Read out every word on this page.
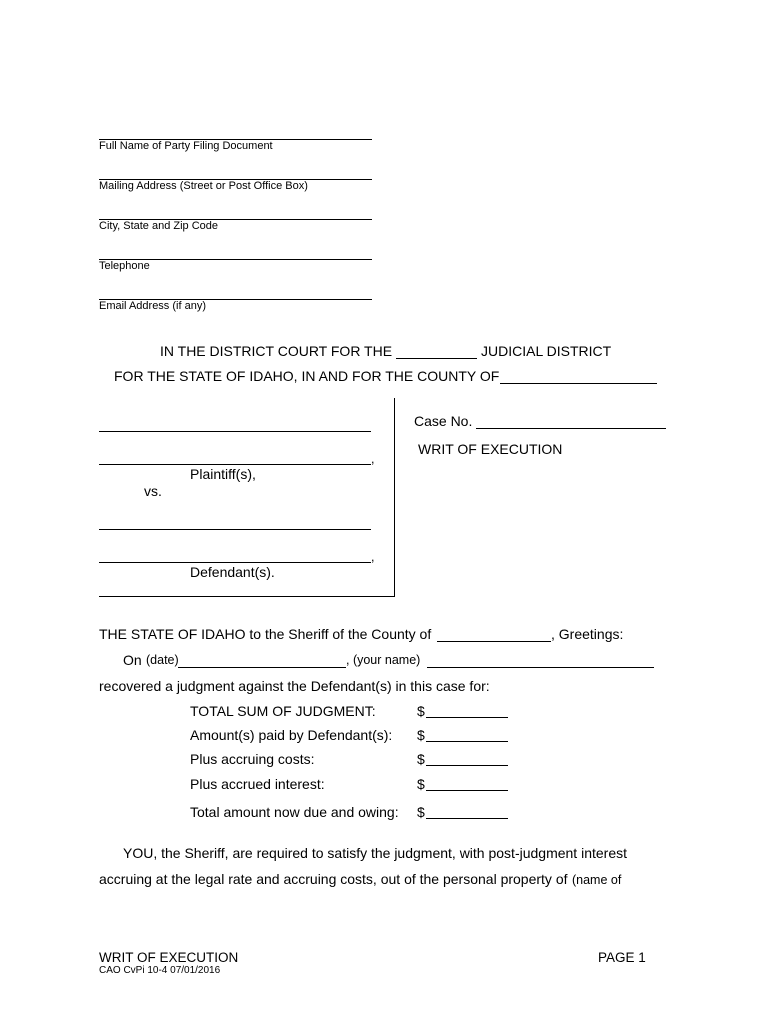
Full Name of Party Filing Document
Mailing Address (Street or Post Office Box)
City, State and Zip Code
Telephone
Email Address (if any)
IN THE DISTRICT COURT FOR THE	JUDICIAL DISTRICT
FOR THE STATE OF IDAHO, IN AND FOR THE COUNTY OF
,
Plaintiff(s),
vs.
,
Defendant(s).
Case No.
WRIT OF EXECUTION
THE STATE OF IDAHO to the Sheriff of the County of	, Greetings:
On (date)	, (your name)
recovered a judgment against the Defendant(s) in this case for:
TOTAL SUM OF JUDGMENT:	$
Amount(s) paid by Defendant(s): $
Plus accruing costs:	$
Plus accrued interest:	$
Total amount now due and owing: $
YOU, the Sheriff, are required to satisfy the judgment, with post-judgment interest
accruing at the legal rate and accruing costs, out of the personal property of (name of
WRIT OF EXECUTION
CAO CvPi 10-4 07/01/2016
PAGE 1
